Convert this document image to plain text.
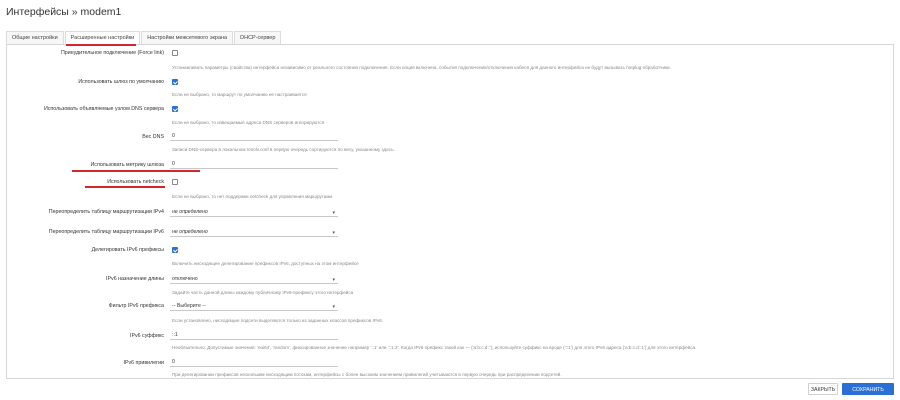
Интерфейсы » modem1
Общие настройки	Расширенные настройки	Настройки межсетевого экрана	DHCP-сервер
Принудительное подключение (Force link)
Устанавливать параметры (свойства) интерфейса независимо от реального состояния подключения. Если опция включена, события подключения/отключения кабеля для данного интерфейса не будут вызывать hotplug обработчики.
Использовать шлюз по умолчанию
Если не выбрано, то маршрут по умолчанию не настраивается
Использовать объявляемые узлом DNS сервера
Если не выбрано, то извещаемые адреса DNS серверов игнорируются
Вес DNS	0
Записи DNS-сервера в локальном resolv.conf в первую очередь сортируются по весу, указанному здесь.
Использовать метрику шлюза	0
Использовать netcheck
Если не выбрано, то нет поддержки netcheck для управления маршрутами
Переопределить таблицу маршрутизации IPv4	не определено	▾
Переопределить таблицу маршрутизации IPv6	не определено	▾
Делегировать IPv6 префиксы
Включить нисходящее делегирование префиксов IPv6, доступных на этом интерфейсе
IPv6 назначение длины	отключено	▾
Задайте часть данной длины каждому публичному IPv6-префиксу этого интерфейса
Фильтр IPv6 префикса	-- Выберите --	▾
Если установлено, нисходящие подсети выделяются только из заданных классов префиксов IPv6.
IPv6 суффикс	::1
Необязательно. Допустимые значения: 'eui64', 'random', фиксированное значение например '::1' или '::1:2'. Когда IPv6 префикс такой как — ('a:b:c:d::'), используйте суффикс на вроде ('::1') для этого IPv6 адреса ('a:b:c:d::1') для этого интерфейса.
IPv6 привилегии	0
При делегировании префиксов нескольким нисходящим потокам, интерфейсы с более высоким значением привилегий учитываются в первую очередь при распределении подсетей.
ЗАКРЫТЬ	СОХРАНИТЬ
